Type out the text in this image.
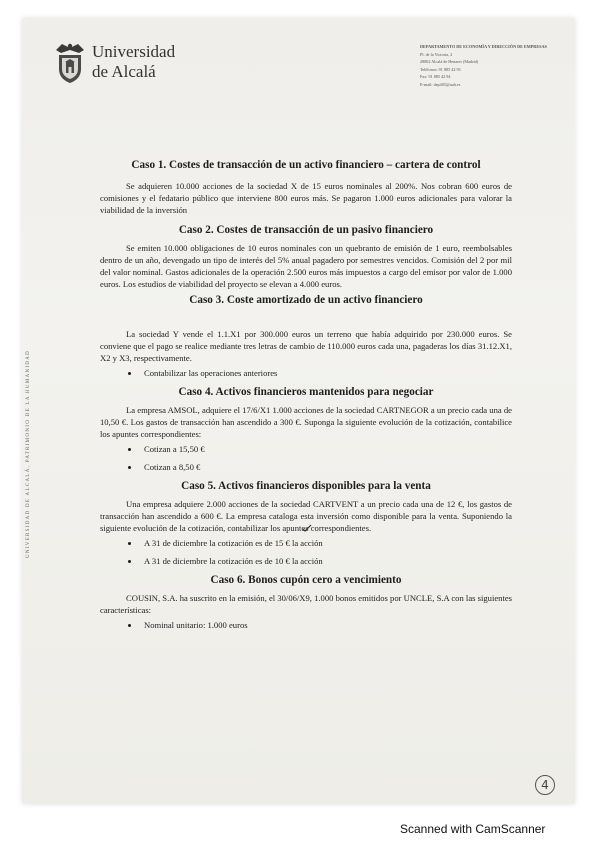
Universidad
de Alcalá
DEPARTAMENTO DE ECONOMÍA Y DIRECCIÓN DE EMPRESAS
Pl. de la Victoria, 2
28802 Alcalá de Henares (Madrid)
Teléfonos: 91 885 42 93
Fax: 91 885 42 94
E-mail: dep405@uah.es
UNIVERSIDAD DE ALCALÁ, PATRIMONIO DE LA HUMANIDAD
Caso 1. Costes de transacción de un activo financiero – cartera de control

Se adquieren 10.000 acciones de la sociedad X de 15 euros nominales al 200%. Nos cobran 600 euros de comisiones y el fedatario público que interviene 800 euros más. Se pagaron 1.000 euros adicionales para valorar la viabilidad de la inversión

Caso 2. Costes de transacción de un pasivo financiero

Se emiten 10.000 obligaciones de 10 euros nominales con un quebranto de emisión de 1 euro, reembolsables dentro de un año, devengado un tipo de interés del 5% anual pagadero por semestres vencidos. Comisión del 2 por mil del valor nominal. Gastos adicionales de la operación 2.500 euros más impuestos a cargo del emisor por valor de 1.000 euros. Los estudios de viabilidad del proyecto se elevan a 4.000 euros.

Caso 3. Coste amortizado de un activo financiero

La sociedad Y vende el 1.1.X1 por 300.000 euros un terreno que había adquirido por 230.000 euros. Se conviene que el pago se realice mediante tres letras de cambio de 110.000 euros cada una, pagaderas los días 31.12.X1, X2 y X3, respectivamente.

• Contabilizar las operaciones anteriores
Caso 4. Activos financieros mantenidos para negociar

La empresa AMSOL, adquiere el 17/6/X1 1.000 acciones de la sociedad CARTNEGOR a un precio cada una de 10,50 €. Los gastos de transacción han ascendido a 300 €. Suponga la siguiente evolución de la cotización, contabilice los apuntes correspondientes:

• Cotizan a 15,50 €
• Cotizan a 8,50 €
Caso 5. Activos financieros disponibles para la venta

Una empresa adquiere 2.000 acciones de la sociedad CARTVENT a un precio cada una de 12 €, los gastos de transacción han ascendido a 600 €. La empresa cataloga esta inversión como disponible para la venta. Suponiendo la siguiente evolución de la cotización, contabilizar los apuntes correspondientes.

• A 31 de diciembre la cotización es de 15 € la acción
• A 31 de diciembre la cotización es de 10 € la acción
Caso 6. Bonos cupón cero a vencimiento

COUSIN, S.A. ha suscrito en la emisión, el 30/06/X9, 1.000 bonos emitidos por UNCLE, S.A con las siguientes características:

• Nominal unitario: 1.000 euros
4
Scanned with CamScanner
